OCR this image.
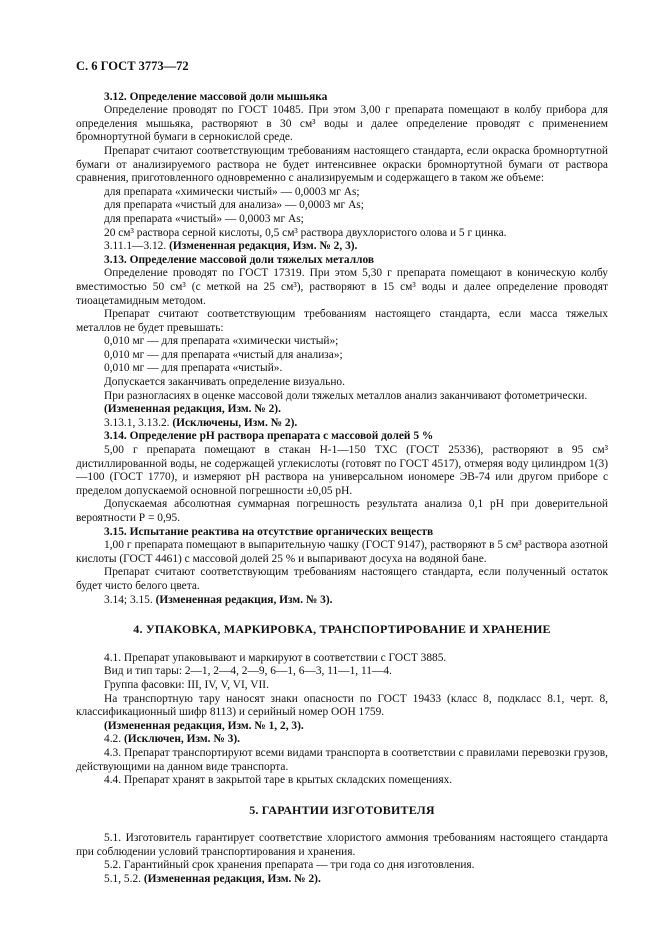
С. 6 ГОСТ 3773—72

3.12. Определение массовой доли мышьяка

Определение проводят по ГОСТ 10485. При этом 3,00 г препарата помещают в колбу прибора для определения мышьяка, растворяют в 30 см³ воды и далее определение проводят с применением бромнортутной бумаги в сернокислой среде.

Препарат считают соответствующим требованиям настоящего стандарта, если окраска бромнортутной бумаги от анализируемого раствора не будет интенсивнее окраски бромнортутной бумаги от раствора сравнения, приготовленного одновременно с анализируемым и содержащего в таком же объеме:

для препарата «химически чистый» — 0,0003 мг As;

для препарата «чистый для анализа» — 0,0003 мг As;

для препарата «чистый» — 0,0003 мг As;

20 см³ раствора серной кислоты, 0,5 см³ раствора двухлористого олова и 5 г цинка.

3.11.1—3.12. (Измененная редакция, Изм. № 2, 3).

3.13. Определение массовой доли тяжелых металлов

Определение проводят по ГОСТ 17319. При этом 5,30 г препарата помещают в коническую колбу вместимостью 50 см³ (с меткой на 25 см³), растворяют в 15 см³ воды и далее определение проводят тиоацетамидным методом.

Препарат считают соответствующим требованиям настоящего стандарта, если масса тяжелых металлов не будет превышать:

0,010 мг — для препарата «химически чистый»;

0,010 мг — для препарата «чистый для анализа»;

0,010 мг — для препарата «чистый».

Допускается заканчивать определение визуально.

При разногласиях в оценке массовой доли тяжелых металлов анализ заканчивают фотометрически.

(Измененная редакция, Изм. № 2).

3.13.1, 3.13.2. (Исключены, Изм. № 2).

3.14. Определение рН раствора препарата с массовой долей 5 %

5,00 г препарата помещают в стакан Н-1—150 ТХС (ГОСТ 25336), растворяют в 95 см³ дистиллированной воды, не содержащей углекислоты (готовят по ГОСТ 4517), отмеряя воду цилиндром 1(3)—100 (ГОСТ 1770), и измеряют рН раствора на универсальном иономере ЭВ-74 или другом приборе с пределом допускаемой основной погрешности ±0,05 рН.

Допускаемая абсолютная суммарная погрешность результата анализа 0,1 рН при доверительной вероятности Р = 0,95.

3.15. Испытание реактива на отсутствие органических веществ

1,00 г препарата помещают в выпарительную чашку (ГОСТ 9147), растворяют в 5 см³ раствора азотной кислоты (ГОСТ 4461) с массовой долей 25 % и выпаривают досуха на водяной бане.

Препарат считают соответствующим требованиям настоящего стандарта, если полученный остаток будет чисто белого цвета.

3.14; 3.15. (Измененная редакция, Изм. № 3).

4. УПАКОВКА, МАРКИРОВКА, ТРАНСПОРТИРОВАНИЕ И ХРАНЕНИЕ

4.1. Препарат упаковывают и маркируют в соответствии с ГОСТ 3885.

Вид и тип тары: 2—1, 2—4, 2—9, 6—1, 6—3, 11—1, 11—4.

Группа фасовки: III, IV, V, VI, VII.

На транспортную тару наносят знаки опасности по ГОСТ 19433 (класс 8, подкласс 8.1, черт. 8, классификационный шифр 8113) и серийный номер ООН 1759.

(Измененная редакция, Изм. № 1, 2, 3).

4.2. (Исключен, Изм. № 3).

4.3. Препарат транспортируют всеми видами транспорта в соответствии с правилами перевозки грузов, действующими на данном виде транспорта.

4.4. Препарат хранят в закрытой таре в крытых складских помещениях.

5. ГАРАНТИИ ИЗГОТОВИТЕЛЯ

5.1. Изготовитель гарантирует соответствие хлористого аммония требованиям настоящего стандарта при соблюдении условий транспортирования и хранения.

5.2. Гарантийный срок хранения препарата — три года со дня изготовления.

5.1, 5.2. (Измененная редакция, Изм. № 2).
